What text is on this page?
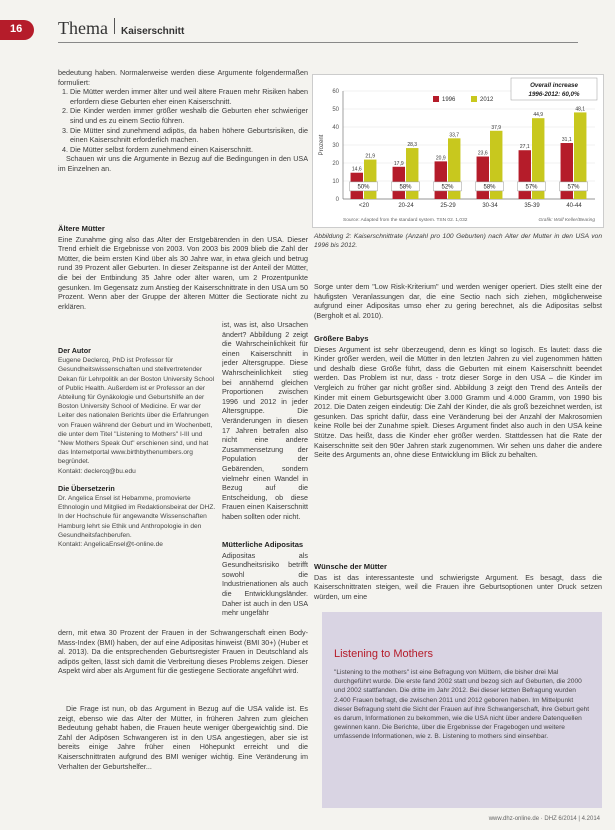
16 Thema Kaiserschnitt

bedeutung haben. Normalerweise werden diese Argumente folgendermaßen formuliert:

1. Die Mütter werden immer älter und weil ältere Frauen mehr Risiken haben erfordern diese Geburten eher einen Kaiserschnitt.
2. Die Kinder werden immer größer weshalb die Geburten eher schwieriger sind und es zu einem Sectio führen.
3. Die Mütter sind zunehmend adipös, da haben höhere Geburtsrisiken, die einen Kaiserschnitt erforderlich machen.
4. Die Mütter selbst fordern zunehmend einen Kaiserschnitt.

Schauen wir uns die Argumente in Bezug auf die Bedingungen in den USA im Einzelnen an.

0
10
20
30
40
50
60
Prozent
14,6
21,9
50%
<20
17,9
28,3
58%
20-24
20,9
33,7
52%
25-29
23,6
37,9
58%
30-34
27,1
44,9
57%
35-39
31,1
48,1
57%
40-44
Overall increase
1996-2012: 60,0%
1996	2012
Source: Adapted from the standard system. TSN 02. 1,032	Grafik: Wolf Keller/Bearing
Abbildung 2: Kaiserschnittrate (Anzahl pro 100 Geburten) nach Alter der Mutter in den USA von 1996 bis 2012.
Ältere Mütter

Eine Zunahme ging also das Alter der Erstgebärenden in den USA. Dieser Trend erhielt die Ergebnisse von 2003. Von 2003 bis 2009 blieb die Zahl der Mütter, die beim ersten Kind über als 30 Jahre war, in etwa gleich und betrug rund 39 Prozent aller Geburten. In dieser Zeitspanne ist der Anteil der Mütter, die bei der Entbindung 35 Jahre oder älter waren, um 2 Prozentpunkte gesunken. Im Gegensatz zum Anstieg der Kaiserschnittrate in den USA um 50 Prozent. Wenn aber der Gruppe der älteren Mütter die Sectiorate nicht zu erklären.

ist, was ist, also Ursachen ändert? Abbildung 2 zeigt die Wahrscheinlichkeit für einen Kaiserschnitt in jeder Altersgruppe. Diese Wahrscheinlichkeit stieg bei annähernd gleichen Proportionen zwischen 1996 und 2012 in jeder Altersgruppe. Die Veränderungen in diesen 17 Jahren betrafen also nicht eine andere Zusammensetzung der Population der Gebärenden, sondern vielmehr einen Wandel in Bezug auf die Entscheidung, ob diese Frauen einen Kaiserschnitt haben sollten oder nicht.

Der Autor
Eugene Declercq, PhD ist Professor für Gesundheitswissenschaften und stellvertretender Dekan für Lehrpolitik an der Boston University School of Public Health. Außerdem ist er Professor an der Abteilung für Gynäkologie und Geburtshilfe an der Boston University School of Medicine. Er war der Leiter des nationalen Berichts über die Erfahrungen von Frauen während der Geburt und im Wochenbett, die unter dem Titel "Listening to Mothers" I-III und "New Mothers Speak Out" erschienen sind, und hat das Internetportal www.birthbythenumbers.org begründet.
Kontakt: declercq@bu.edu
Die Übersetzerin
Dr. Angelica Ensel ist Hebamme, promovierte Ethnologin und Mitglied im Redaktionsbeirat der DHZ. In der Hochschule für angewandte Wissenschaften Hamburg lehrt sie Ethik und Anthropologie in den Gesundheitsfachberufen.
Kontakt: AngelicaEnsel@t-online.de	Mütterliche Adipositas

Adipositas als Gesundheitsrisiko betrifft sowohl die Industrienationen als auch die Entwicklungsländer. Daher ist auch in den USA mehr ungefähr

dern, mit etwa 30 Prozent der Frauen in der Schwangerschaft einen Body-Mass-Index (BMI) haben, der auf eine Adipositas hinweist (BMI 30+) (Huber et al. 2013). Da die entsprechenden Geburtsregister Frauen in Deutschland als adipös gelten, lässt sich damit die Verbreitung dieses Problems zeigen. Dieser Aspekt wird aber als Argument für die gestiegene Sectiorate angeführt wird.

Die Frage ist nun, ob das Argument in Bezug auf die USA valide ist. Es zeigt, ebenso wie das Alter der Mütter, in früheren Jahren zum gleichen Bedeutung gehabt haben, die Frauen heute weniger übergewichtig sind. Die Zahl der Adipösen Schwangeren ist in den USA angestiegen, aber sie ist bereits einige Jahre früher einen Höhepunkt erreicht und die Kaiserschnittraten aufgrund des BMI weniger wichtig. Eine Veränderung im Verhalten der Geburtshelfer...

Sorge unter dem "Low Risk-Kriterium" und werden weniger operiert. Dies stellt eine der häufigsten Veranlassungen dar, die eine Sectio nach sich ziehen, möglicherweise aufgrund einer Adipositas umso eher zu gering berechnet, als die Adipositas selbst (Bergholt et al. 2010).
Größere Babys

Dieses Argument ist sehr überzeugend, denn es klingt so logisch. Es lautet: dass die Kinder größer werden, weil die Mütter in den letzten Jahren zu viel zugenommen hätten und deshalb diese Größe führt, dass die Geburten mit einem Kaiserschnitt beendet werden. Das Problem ist nur, dass - trotz dieser Sorge in den USA – die Kinder im Vergleich zu früher gar nicht größer sind. Abbildung 3 zeigt den Trend des Anteils der Kinder mit einem Geburtsgewicht über 3.000 Gramm und 4.000 Gramm, von 1990 bis 2012. Die Daten zeigen eindeutig: Die Zahl der Kinder, die als groß bezeichnet werden, ist gesunken. Das spricht dafür, dass eine Veränderung bei der Anzahl der Makrosomien keine Rolle bei der Zunahme spielt. Dieses Argument findet also auch in den USA keine Stütze. Das heißt, dass die Kinder eher größer werden. Stattdessen hat die Rate der Kaiserschnitte seit den 90er Jahren stark zugenommen. Wir sehen uns daher die andere Seite des Arguments an, ohne diese Entwicklung im Blick zu behalten.

Wünsche der Mütter

Das ist das interessanteste und schwierigste Argument. Es besagt, dass die Kaiserschnittraten steigen, weil die Frauen ihre Geburtsoptionen unter Druck setzen würden, um eine

Listening to Mothers
"Listening to the mothers" ist eine Befragung von Müttern, die bisher drei Mal durchgeführt wurde. Die erste fand 2002 statt und bezog sich auf Geburten, die 2000 und 2002 stattfanden. Die dritte im Jahr 2012. Bei dieser letzten Befragung wurden 2.400 Frauen befragt, die zwischen 2011 und 2012 geboren haben. Im Mittelpunkt dieser Befragung steht die Sicht der Frauen auf ihre Schwangerschaft, ihre Geburt geht es darum, Informationen zu bekommen, wie die USA nicht über andere Datenquellen gewinnen kann. Die Berichte, über die Ergebnisse der Fragebogen und weitere umfassende Informationen, wie z. B. Listening to mothers sind einsehbar.
www.dhz-online.de · DHZ 6/2014 | 4.2014
